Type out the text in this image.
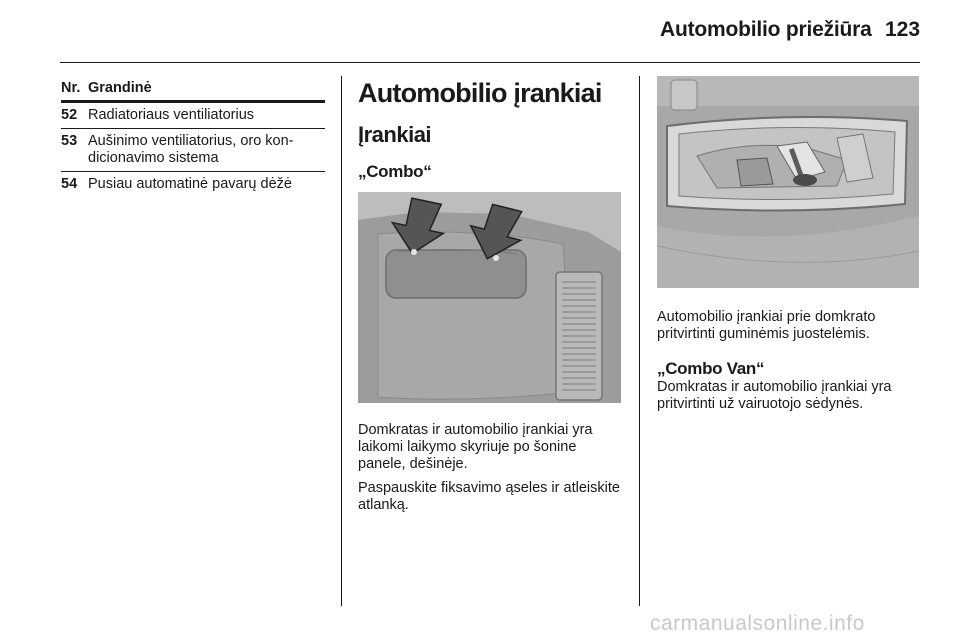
Automobilio priežiūra 123
Nr. Grandinė
52 Radiatoriaus ventiliatorius
53 Aušinimo ventiliatorius, oro kon-dicionavimo sistema
54 Pusiau automatinė pavarų dėžė
Automobilio įrankiai
Įrankiai
„Combo“

Domkratas ir automobilio įrankiai yra laikomi laikymo skyriuje po šonine panele, dešinėje.

Paspauskite fiksavimo ąseles ir atleiskite atlanką.

Automobilio įrankiai prie domkrato pritvirtinti guminėmis juostelėmis.

„Combo Van“

Domkratas ir automobilio įrankiai yra pritvirtinti už vairuotojo sėdynės.

carmanualsonline.info
